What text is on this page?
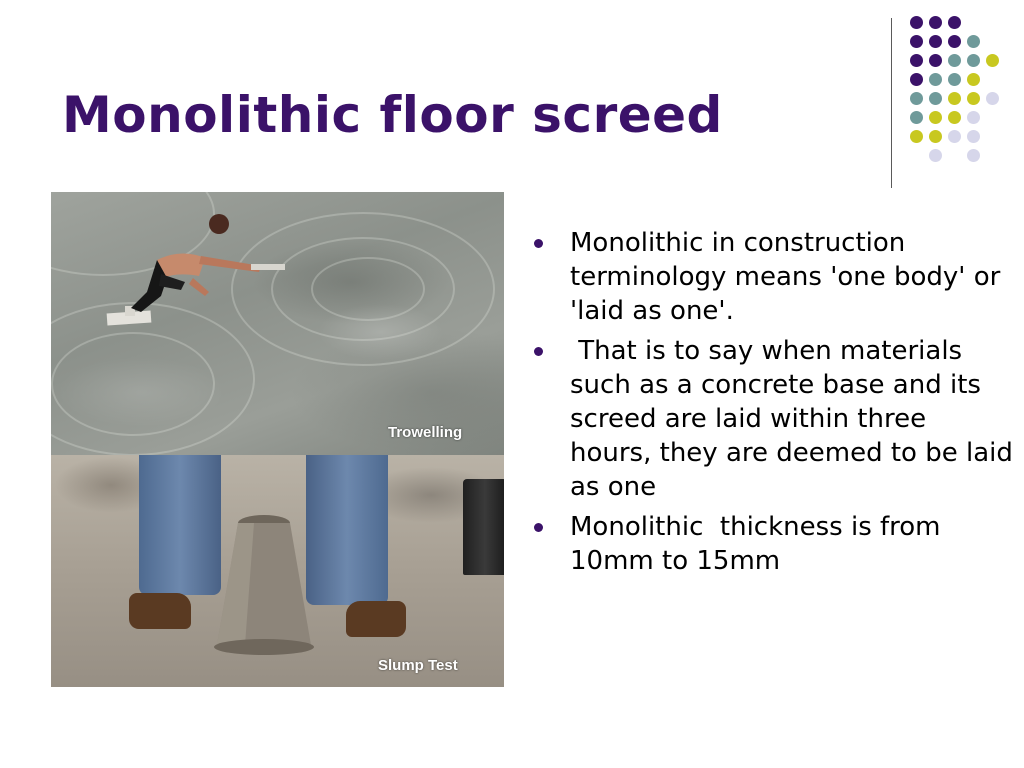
Monolithic floor screed
Trowelling
Slump Test
Monolithic in construction terminology means 'one body' or 'laid as one'.
That is to say when materials such as a concrete base and its screed are laid within three hours, they are deemed to be laid as one
Monolithic  thickness is from 10mm to 15mm
